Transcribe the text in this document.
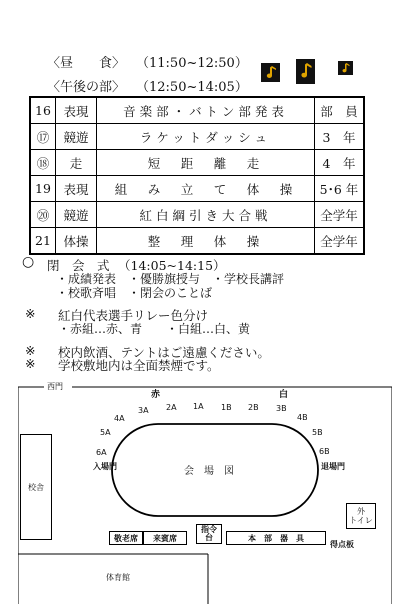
〈昼　　食〉 （11:50~12:50）
〈午後の部〉 （12:50~14:05）
16	表現	音楽部・バトン部発表	部　員
⑰	競遊	ラケットダッシュ	3　年
⑱	走	短　距　離　走	4　年
19	表現	組　み　立　て　体　操	5･6 年
⑳	競遊	紅白綱引き大合戦	全学年
21	体操	整　理　体　操	全学年
○ 閉　会　式 （14:05~14:15）
・成績発表　・優勝旗授与　・学校長講評
・校歌斉唱　・閉会のことば
※ 紅白代表選手リレー色分け
・赤組…赤、青　　・白組…白、黄
※ 校内飲酒、テントはご遠慮ください。
※ 学校敷地内は全面禁煙です。
西門
赤	白
4A
3A 2A 1A
5A
6A
1B 2B 3B
4B
5B
6B
入場門	退場門
会　場　図
校舎
外
トイレ
敬老席 来賓席
指令
台	本　部　器　具
得点板
体育館
